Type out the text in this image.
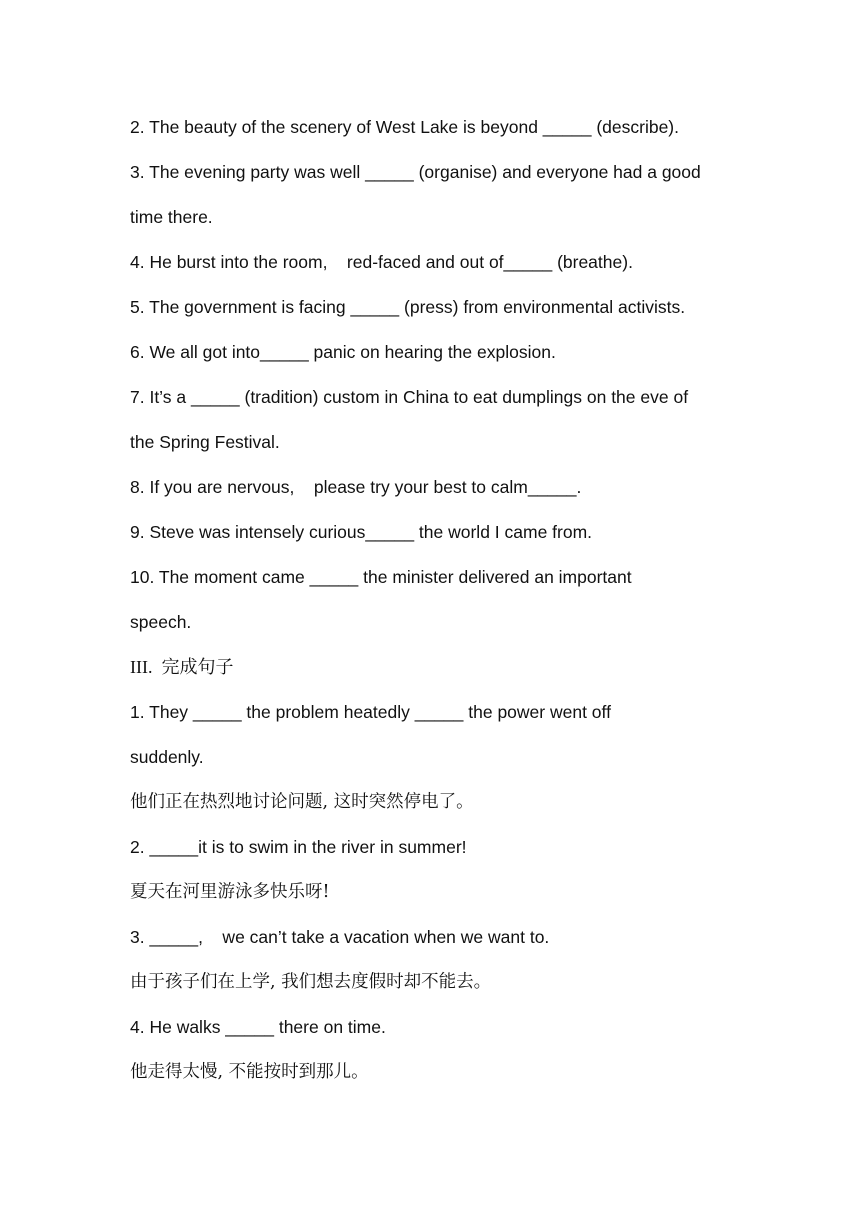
2. The beauty of the scenery of West Lake is beyond _____ (describe).
3. The evening party was well _____ (organise) and everyone had a good
time there.
4. He burst into the room,    red-faced and out of_____ (breathe).
5. The government is facing _____ (press) from environmental activists.
6. We all got into_____ panic on hearing the explosion.
7. It’s a _____ (tradition) custom in China to eat dumplings on the eve of
the Spring Festival.
8. If you are nervous,    please try your best to calm_____.
9. Steve was intensely curious_____ the world I came from.
10. The moment came _____ the minister delivered an important
speech.
III.  完成句子
1. They _____ the problem heatedly _____ the power went off
suddenly.
他们正在热烈地讨论问题, 这时突然停电了。
2. _____it is to swim in the river in summer!
夏天在河里游泳多快乐呀!
3. _____,    we can’t take a vacation when we want to.
由于孩子们在上学, 我们想去度假时却不能去。
4. He walks _____ there on time.
他走得太慢, 不能按时到那儿。
